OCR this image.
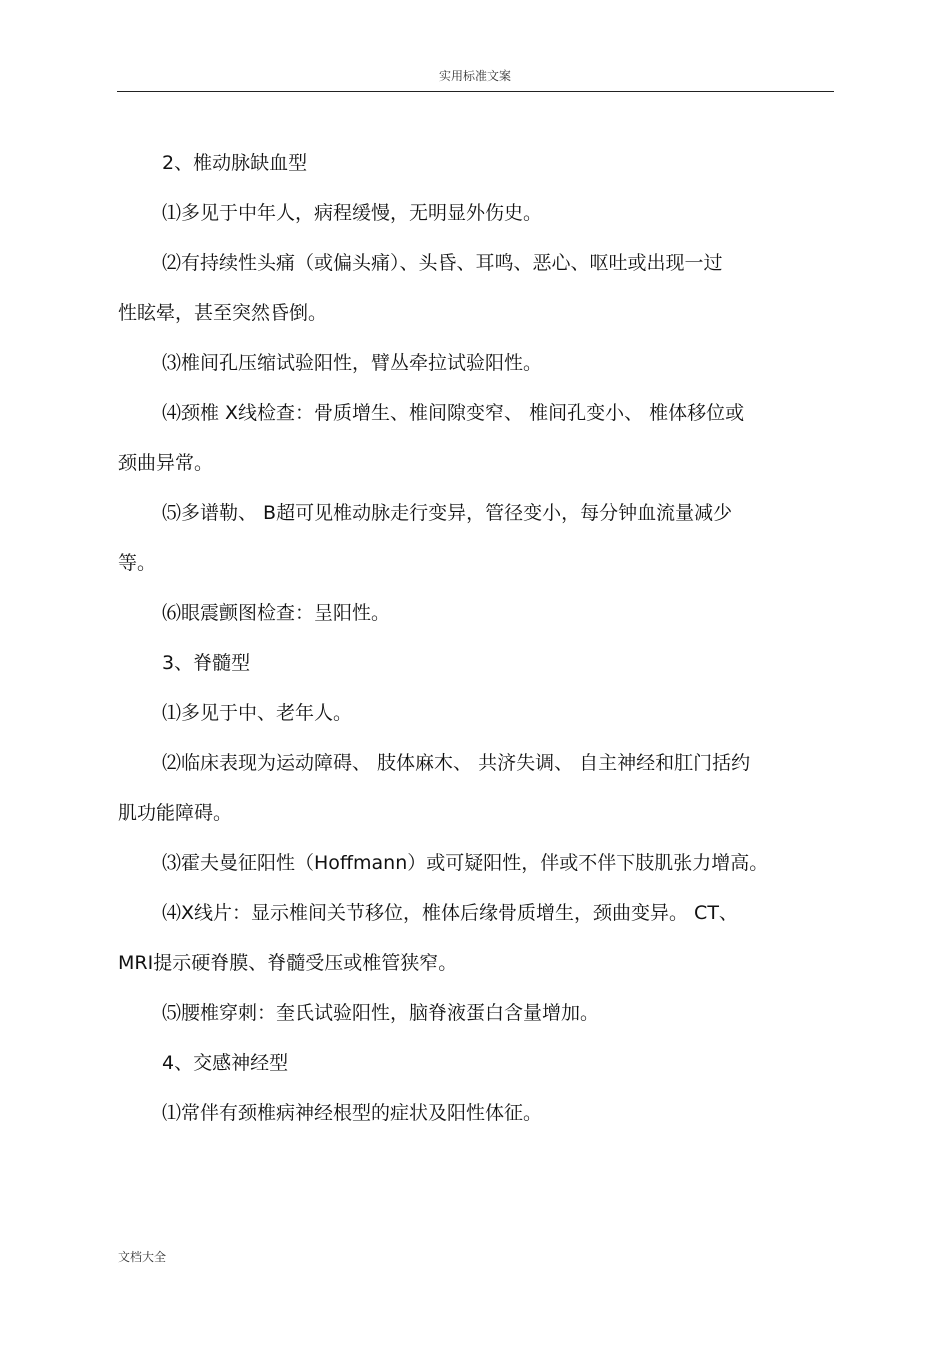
实用标准文案

2、椎动脉缺血型

⑴多见于中年人，病程缓慢，无明显外伤史。

⑵有持续性头痛（或偏头痛）、头昏、耳鸣、恶心、呕吐或出现一过

性眩晕，甚至突然昏倒。

⑶椎间孔压缩试验阳性，臂丛牵拉试验阳性。

⑷颈椎 X线检查：骨质增生、椎间隙变窄、 椎间孔变小、 椎体移位或

颈曲异常。

⑸多谱勒、 B超可见椎动脉走行变异，管径变小，每分钟血流量减少

等。

⑹眼震颤图检查：呈阳性。

3、脊髓型

⑴多见于中、老年人。

⑵临床表现为运动障碍、 肢体麻木、 共济失调、 自主神经和肛门括约

肌功能障碍。

⑶霍夫曼征阳性（Hoffmann）或可疑阳性，伴或不伴下肢肌张力增高。

⑷X线片：显示椎间关节移位，椎体后缘骨质增生，颈曲变异。 CT、

MRI提示硬脊膜、脊髓受压或椎管狭窄。

⑸腰椎穿刺：奎氏试验阳性，脑脊液蛋白含量增加。

4、交感神经型

⑴常伴有颈椎病神经根型的症状及阳性体征。

文档大全
